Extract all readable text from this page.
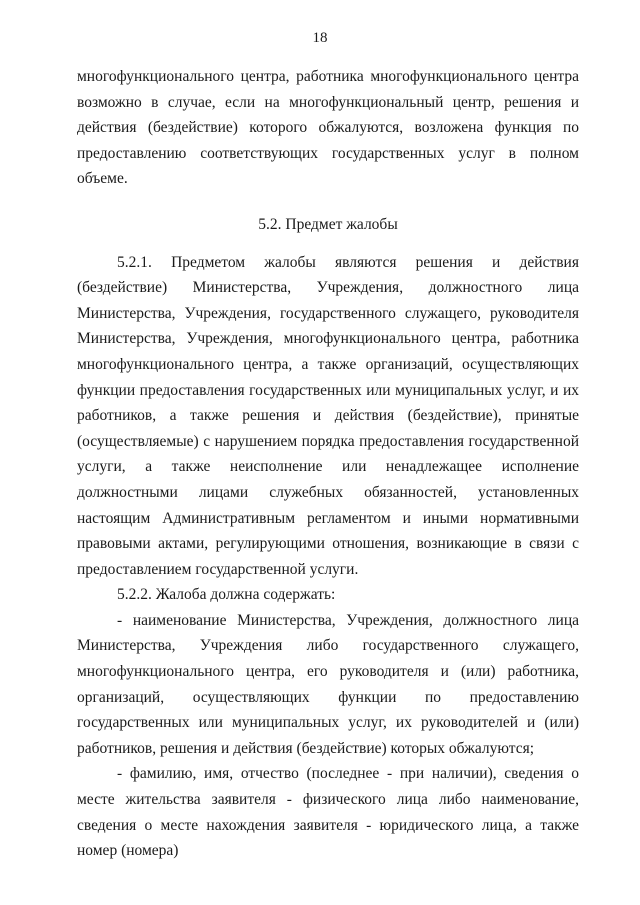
18

многофункционального центра, работника многофункционального центра возможно в случае, если на многофункциональный центр, решения и действия (бездействие) которого обжалуются, возложена функция по предоставлению соответствующих государственных услуг в полном объеме.

5.2. Предмет жалобы

5.2.1. Предметом жалобы являются решения и действия (бездействие) Министерства, Учреждения, должностного лица Министерства, Учреждения, государственного служащего, руководителя Министерства, Учреждения, многофункционального центра, работника многофункционального центра, а также организаций, осуществляющих функции предоставления государственных или муниципальных услуг, и их работников, а также решения и действия (бездействие), принятые (осуществляемые) с нарушением порядка предоставления государственной услуги, а также неисполнение или ненадлежащее исполнение должностными лицами служебных обязанностей, установленных настоящим Административным регламентом и иными нормативными правовыми актами, регулирующими отношения, возникающие в связи с предоставлением государственной услуги.

5.2.2. Жалоба должна содержать:

- наименование Министерства, Учреждения, должностного лица Министерства, Учреждения либо государственного служащего, многофункционального центра, его руководителя и (или) работника, организаций, осуществляющих функции по предоставлению государственных или муниципальных услуг, их руководителей и (или) работников, решения и действия (бездействие) которых обжалуются;

- фамилию, имя, отчество (последнее - при наличии), сведения о месте жительства заявителя - физического лица либо наименование, сведения о месте нахождения заявителя - юридического лица, а также номер (номера)
